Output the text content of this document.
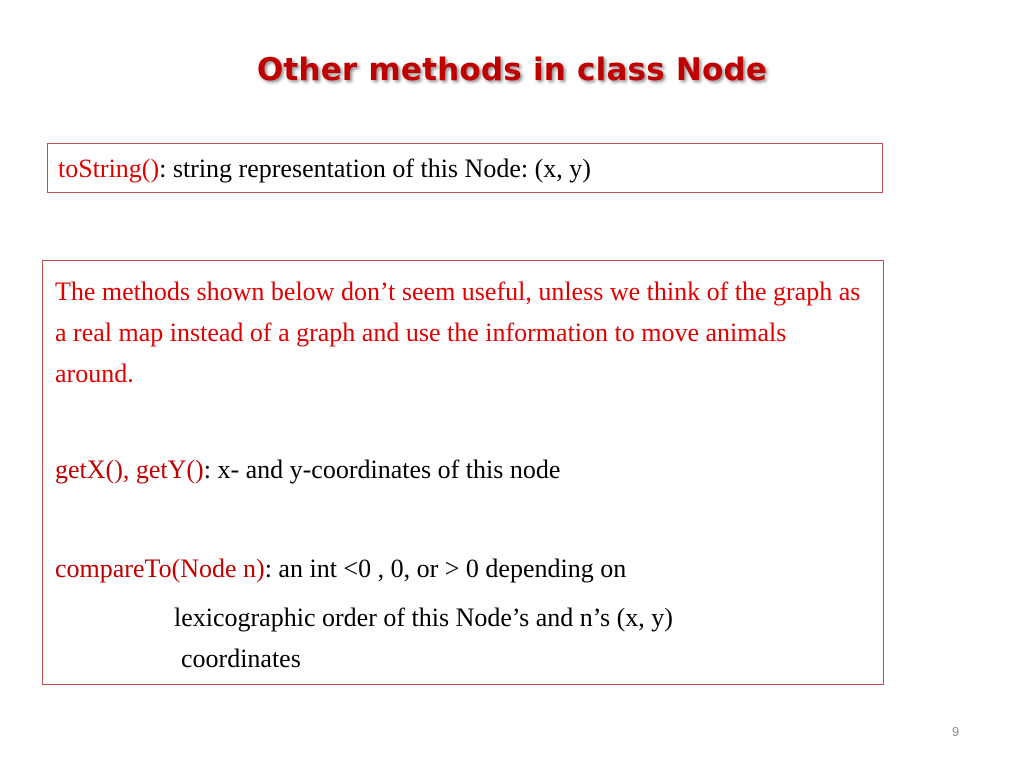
Other methods in class Node
toString(): string representation of this Node: (x, y)
The methods shown below don’t seem useful, unless we think of the graph as a real map instead of a graph and use the information to move animals around.
getX(), getY(): x- and y-coordinates of this node
compareTo(Node n): an int <0 , 0, or > 0 depending on
lexicographic order of this Node’s and n’s (x, y)
coordinates
9
